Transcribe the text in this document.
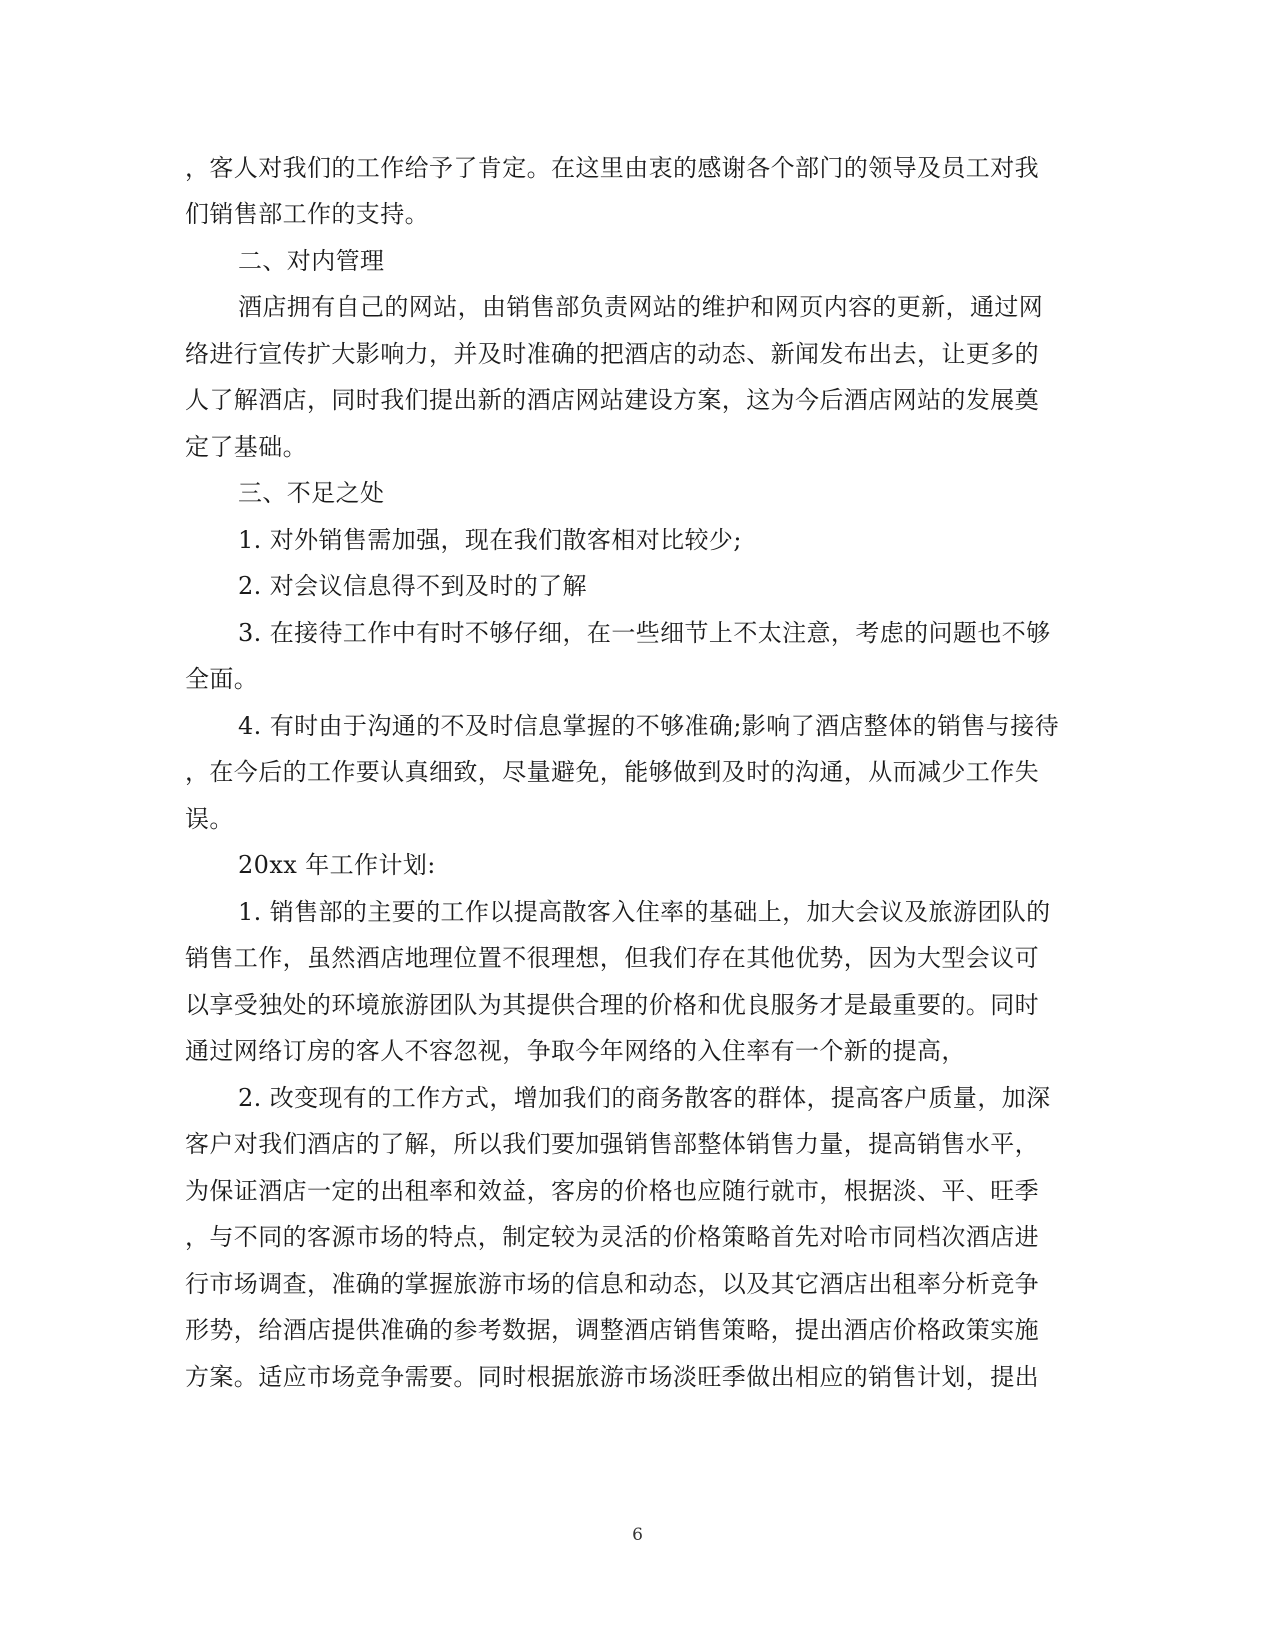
，客人对我们的工作给予了肯定。在这里由衷的感谢各个部门的领导及员工对我
们销售部工作的支持。
二、对内管理
酒店拥有自己的网站，由销售部负责网站的维护和网页内容的更新，通过网
络进行宣传扩大影响力，并及时准确的把酒店的动态、新闻发布出去，让更多的
人了解酒店，同时我们提出新的酒店网站建设方案，这为今后酒店网站的发展奠
定了基础。
三、不足之处
1. 对外销售需加强，现在我们散客相对比较少;
2. 对会议信息得不到及时的了解
3. 在接待工作中有时不够仔细，在一些细节上不太注意，考虑的问题也不够
全面。
4. 有时由于沟通的不及时信息掌握的不够准确;影响了酒店整体的销售与接待
，在今后的工作要认真细致，尽量避免，能够做到及时的沟通，从而减少工作失
误。
20xx 年工作计划:
1. 销售部的主要的工作以提高散客入住率的基础上，加大会议及旅游团队的
销售工作，虽然酒店地理位置不很理想，但我们存在其他优势，因为大型会议可
以享受独处的环境旅游团队为其提供合理的价格和优良服务才是最重要的。同时
通过网络订房的客人不容忽视，争取今年网络的入住率有一个新的提高，
2. 改变现有的工作方式，增加我们的商务散客的群体，提高客户质量，加深
客户对我们酒店的了解，所以我们要加强销售部整体销售力量，提高销售水平，
为保证酒店一定的出租率和效益，客房的价格也应随行就市，根据淡、平、旺季
，与不同的客源市场的特点，制定较为灵活的价格策略首先对哈市同档次酒店进
行市场调查，准确的掌握旅游市场的信息和动态，以及其它酒店出租率分析竞争
形势，给酒店提供准确的参考数据，调整酒店销售策略，提出酒店价格政策实施
方案。适应市场竞争需要。同时根据旅游市场淡旺季做出相应的销售计划，提出
6
